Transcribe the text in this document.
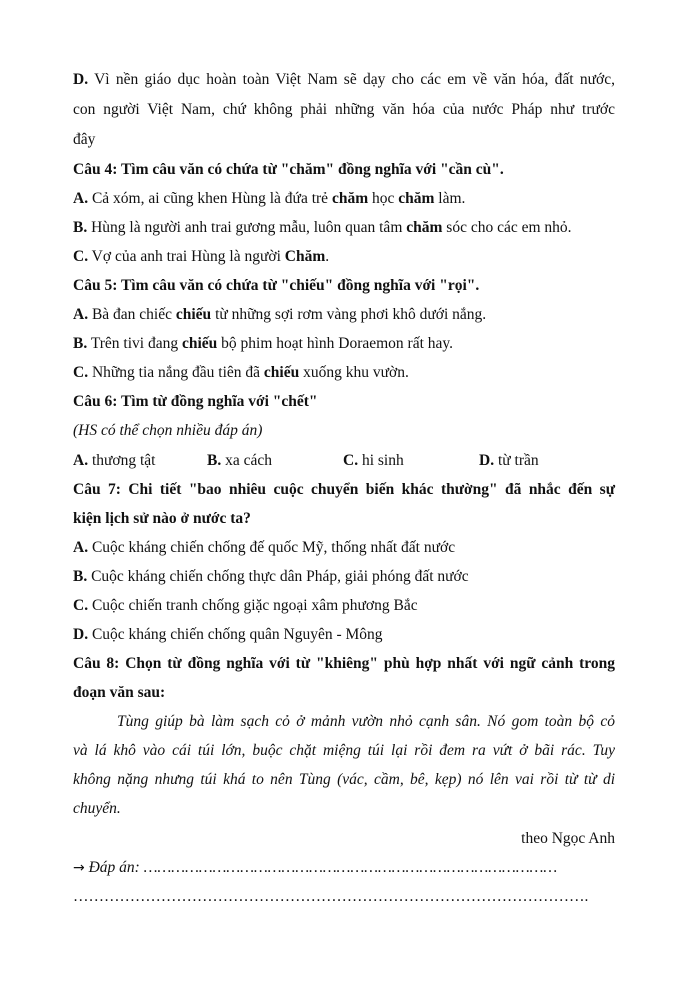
D. Vì nền giáo dục hoàn toàn Việt Nam sẽ dạy cho các em về văn hóa, đất nước,
con người Việt Nam, chứ không phải những văn hóa của nước Pháp như trước
đây
Câu 4: Tìm câu văn có chứa từ "chăm" đồng nghĩa với "cần cù".
A. Cả xóm, ai cũng khen Hùng là đứa trẻ chăm học chăm làm.
B. Hùng là người anh trai gương mẫu, luôn quan tâm chăm sóc cho các em nhỏ.
C. Vợ của anh trai Hùng là người Chăm.
Câu 5: Tìm câu văn có chứa từ "chiếu" đồng nghĩa với "rọi".
A. Bà đan chiếc chiếu từ những sợi rơm vàng phơi khô dưới nắng.
B. Trên tivi đang chiếu bộ phim hoạt hình Doraemon rất hay.
C. Những tia nắng đầu tiên đã chiếu xuống khu vườn.
Câu 6: Tìm từ đồng nghĩa với "chết"
(HS có thể chọn nhiều đáp án)
A. thương tật	B. xa cách	C. hi sinh	D. từ trần
Câu 7: Chi tiết "bao nhiêu cuộc chuyển biến khác thường" đã nhắc đến sự
kiện lịch sử nào ở nước ta?
A. Cuộc kháng chiến chống đế quốc Mỹ, thống nhất đất nước
B. Cuộc kháng chiến chống thực dân Pháp, giải phóng đất nước
C. Cuộc chiến tranh chống giặc ngoại xâm phương Bắc
D. Cuộc kháng chiến chống quân Nguyên - Mông
Câu 8: Chọn từ đồng nghĩa với từ "khiêng" phù hợp nhất với ngữ cảnh trong
đoạn văn sau:
Tùng giúp bà làm sạch cỏ ở mảnh vườn nhỏ cạnh sân. Nó gom toàn bộ cỏ
và lá khô vào cái túi lớn, buộc chặt miệng túi lại rồi đem ra vứt ở bãi rác. Tuy
không nặng nhưng túi khá to nên Tùng (vác, cầm, bê, kẹp) nó lên vai rồi từ từ di
chuyển.
theo Ngọc Anh
→ Đáp án: ………………………………………………………………………………
……………………………………………………………………………………….
